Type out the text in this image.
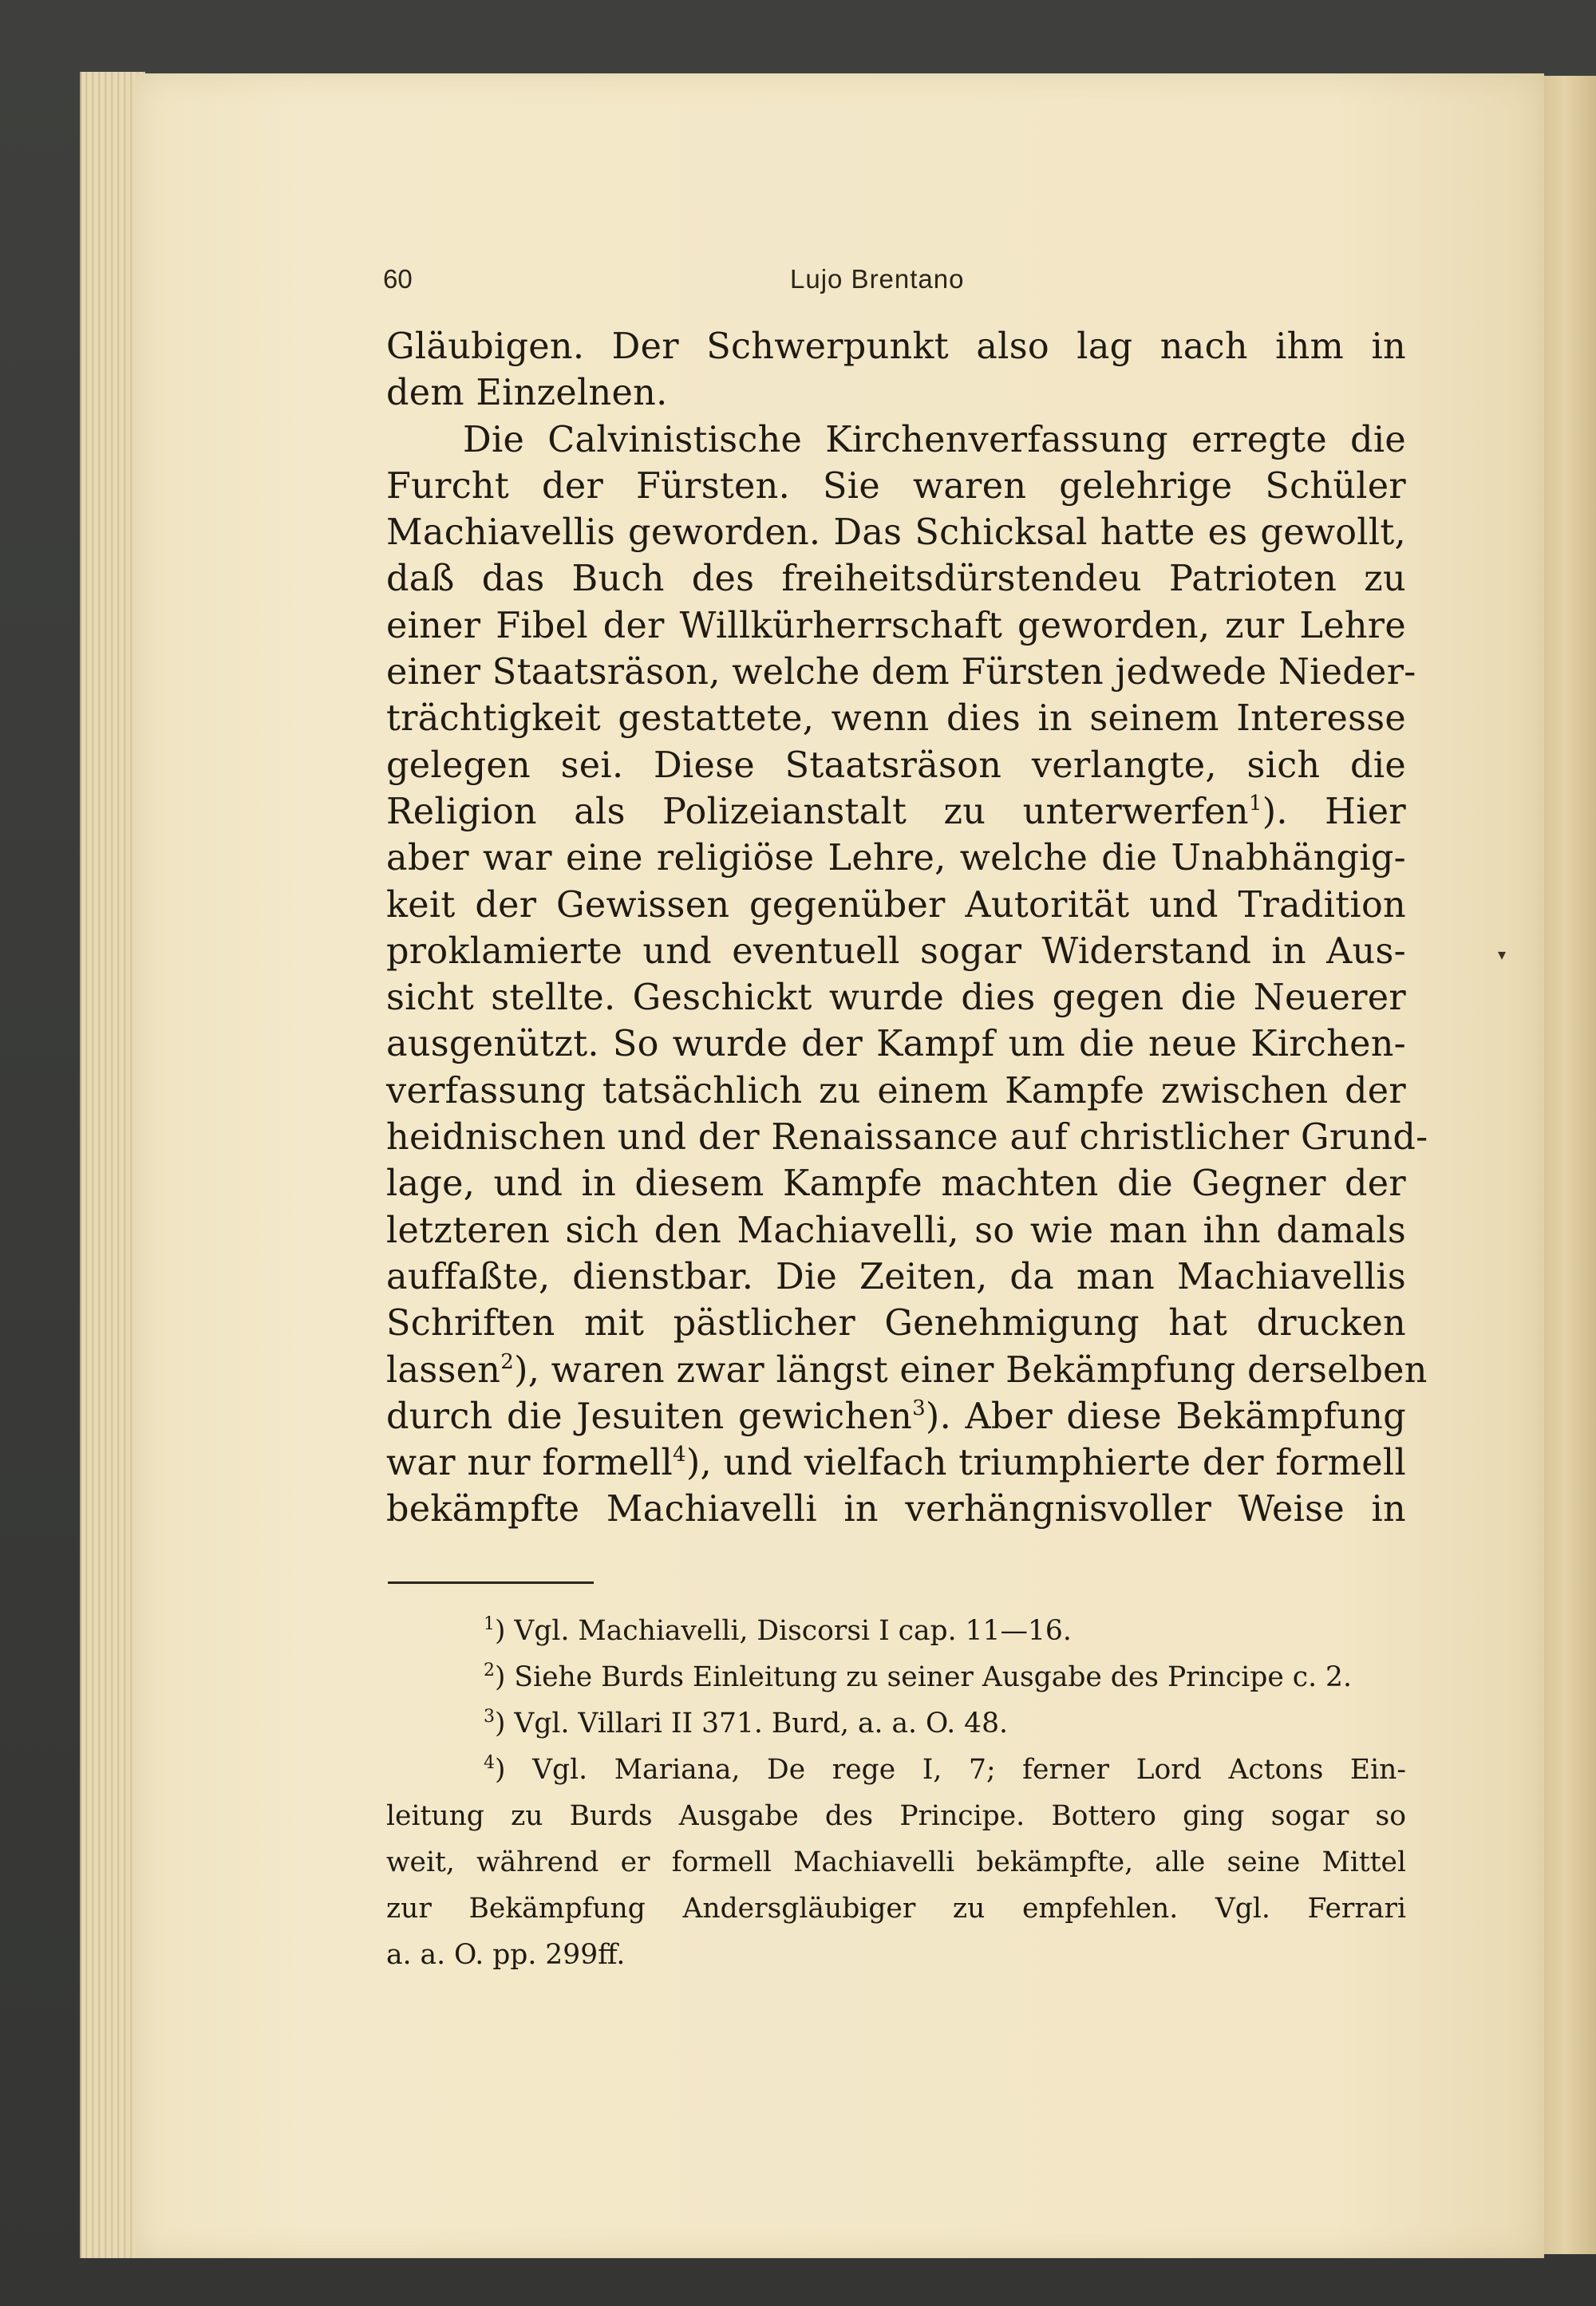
60	Lujo Brentano
Gläubigen. Der Schwerpunkt also lag nach ihm in
dem Einzelnen.
Die Calvinistische Kirchenverfassung erregte die
Furcht der Fürsten. Sie waren gelehrige Schüler
Machiavellis geworden. Das Schicksal hatte es gewollt,
daß das Buch des freiheitsdürstendeu Patrioten zu
einer Fibel der Willkürherrschaft geworden, zur Lehre
einer Staatsräson, welche dem Fürsten jedwede Nieder-
trächtigkeit gestattete, wenn dies in seinem Interesse
gelegen sei. Diese Staatsräson verlangte, sich die
Religion als Polizeianstalt zu unterwerfen$^1$). Hier
aber war eine religiöse Lehre, welche die Unabhängig-
keit der Gewissen gegenüber Autorität und Tradition
proklamierte und eventuell sogar Widerstand in Aus-
sicht stellte. Geschickt wurde dies gegen die Neuerer
ausgenützt. So wurde der Kampf um die neue Kirchen-
verfassung tatsächlich zu einem Kampfe zwischen der
heidnischen und der Renaissance auf christlicher Grund-
lage, und in diesem Kampfe machten die Gegner der
letzteren sich den Machiavelli, so wie man ihn damals
auffaßte, dienstbar. Die Zeiten, da man Machiavellis
Schriften mit pästlicher Genehmigung hat drucken
lassen$^2$), waren zwar längst einer Bekämpfung derselben
durch die Jesuiten gewichen$^3$). Aber diese Bekämpfung
war nur formell$^4$), und vielfach triumphierte der formell
bekämpfte Machiavelli in verhängnisvoller Weise in
$^1$) Vgl. Machiavelli, Discorsi I cap. 11—16.
$^2$) Siehe Burds Einleitung zu seiner Ausgabe des Principe c. 2.
$^3$) Vgl. Villari II 371. Burd, a. a. O. 48.
$^4$) Vgl. Mariana, De rege I, 7; ferner Lord Actons Ein-
leitung zu Burds Ausgabe des Principe. Bottero ging sogar so
weit, während er formell Machiavelli bekämpfte, alle seine Mittel
zur Bekämpfung Andersgläubiger zu empfehlen. Vgl. Ferrari
a. a. O. pp. 299ff.
▾
